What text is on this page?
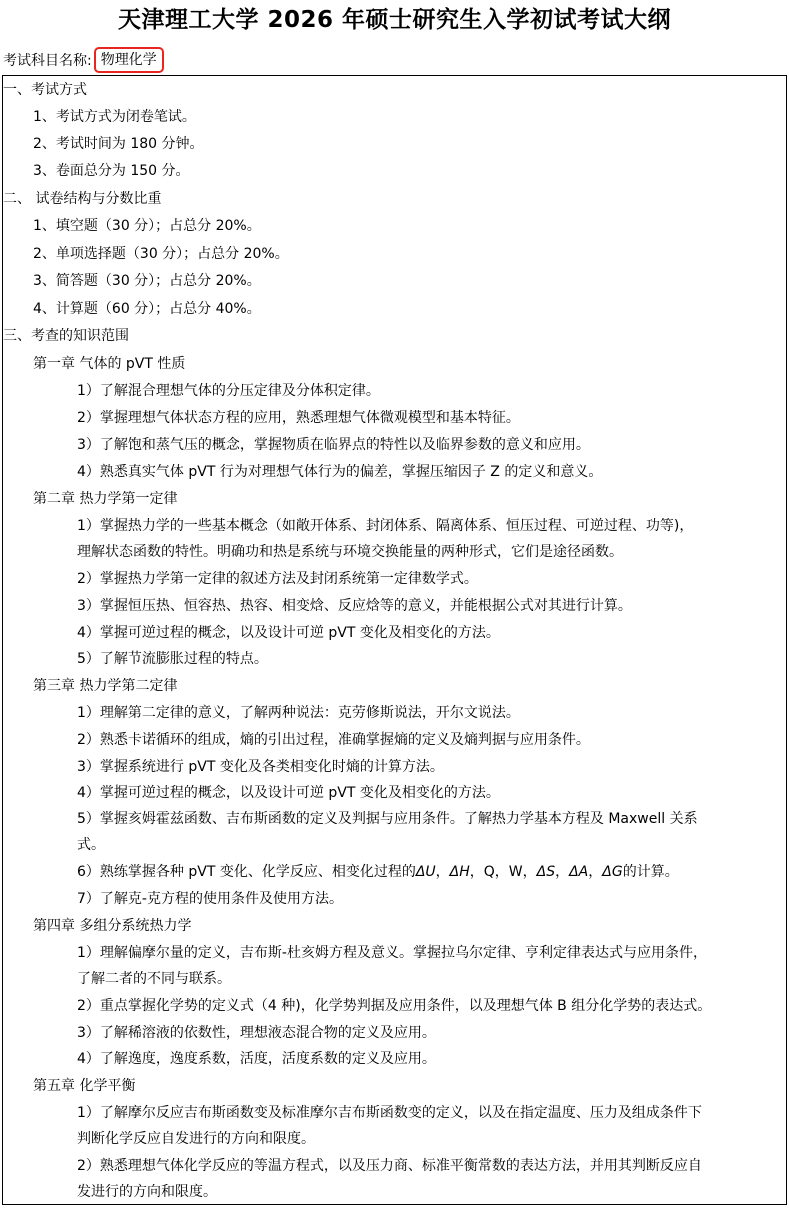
天津理工大学 2026 年硕士研究生入学初试考试大纲
考试科目名称: 物理化学
一、考试方式
1、考试方式为闭卷笔试。
2、考试时间为 180 分钟。
3、卷面总分为 150 分。
二、 试卷结构与分数比重
1、填空题（30 分）；占总分 20%。
2、单项选择题（30 分）；占总分 20%。
3、简答题（30 分）；占总分 20%。
4、计算题（60 分）；占总分 40%。
三、考查的知识范围
第一章 气体的 pVT 性质
1）了解混合理想气体的分压定律及分体积定律。
2）掌握理想气体状态方程的应用，熟悉理想气体微观模型和基本特征。
3）了解饱和蒸气压的概念，掌握物质在临界点的特性以及临界参数的意义和应用。
4）熟悉真实气体 pVT 行为对理想气体行为的偏差，掌握压缩因子 Z 的定义和意义。
第二章 热力学第一定律
1）掌握热力学的一些基本概念（如敞开体系、封闭体系、隔离体系、恒压过程、可逆过程、功等)，
理解状态函数的特性。明确功和热是系统与环境交换能量的两种形式，它们是途径函数。
2）掌握热力学第一定律的叙述方法及封闭系统第一定律数学式。
3）掌握恒压热、恒容热、热容、相变焓、反应焓等的意义，并能根据公式对其进行计算。
4）掌握可逆过程的概念，以及设计可逆 pVT 变化及相变化的方法。
5）了解节流膨胀过程的特点。
第三章 热力学第二定律
1）理解第二定律的意义，了解两种说法：克劳修斯说法，开尔文说法。
2）熟悉卡诺循环的组成，熵的引出过程，准确掌握熵的定义及熵判据与应用条件。
3）掌握系统进行 pVT 变化及各类相变化时熵的计算方法。
4）掌握可逆过程的概念，以及设计可逆 pVT 变化及相变化的方法。
5）掌握亥姆霍兹函数、吉布斯函数的定义及判据与应用条件。了解热力学基本方程及 Maxwell 关系
式。
6）熟练掌握各种 pVT 变化、化学反应、相变化过程的ΔU，ΔH，Q，W，ΔS，ΔA，ΔG的计算。
7）了解克-克方程的使用条件及使用方法。
第四章 多组分系统热力学
1）理解偏摩尔量的定义，吉布斯-杜亥姆方程及意义。掌握拉乌尔定律、亨利定律表达式与应用条件，
了解二者的不同与联系。
2）重点掌握化学势的定义式（4 种)，化学势判据及应用条件，以及理想气体 B 组分化学势的表达式。
3）了解稀溶液的依数性，理想液态混合物的定义及应用。
4）了解逸度，逸度系数，活度，活度系数的定义及应用。
第五章 化学平衡
1）了解摩尔反应吉布斯函数变及标准摩尔吉布斯函数变的定义，以及在指定温度、压力及组成条件下
判断化学反应自发进行的方向和限度。
2）熟悉理想气体化学反应的等温方程式，以及压力商、标准平衡常数的表达方法，并用其判断反应自
发进行的方向和限度。
